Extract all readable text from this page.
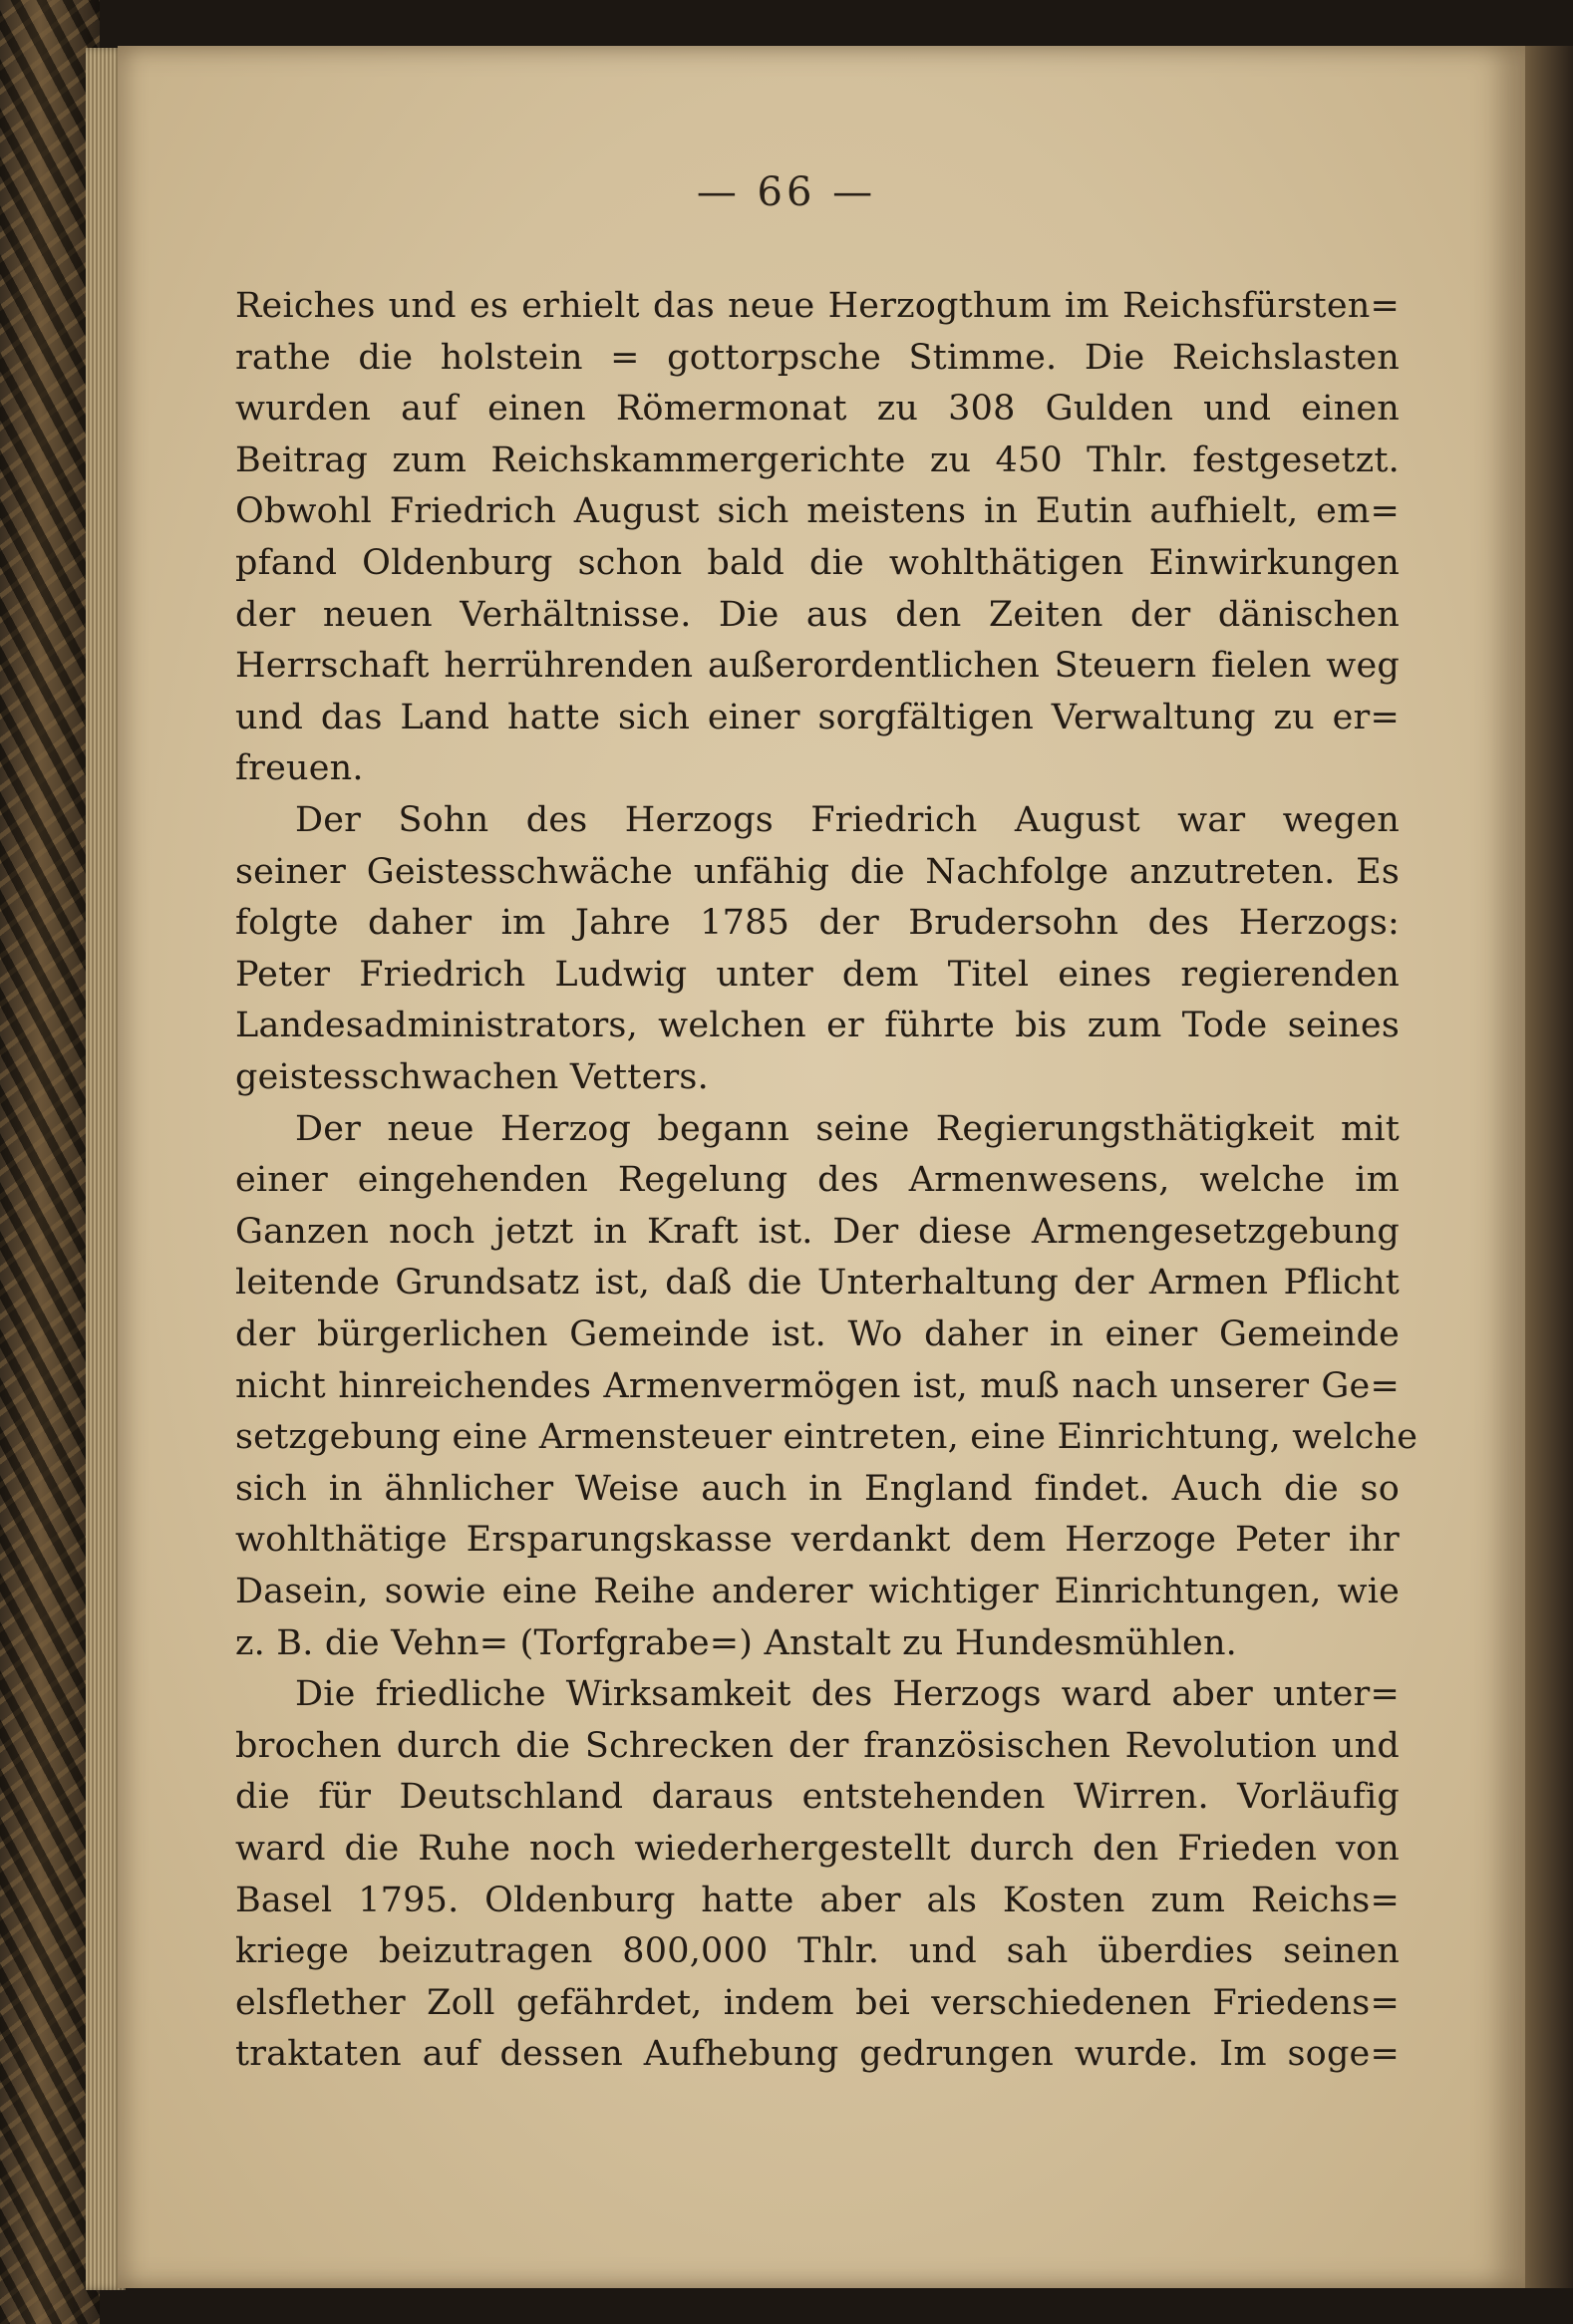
— 66 —
Reiches und es erhielt das neue Herzogthum im Reichsfürsten=
rathe die holstein = gottorpsche Stimme. Die Reichslasten
wurden auf einen Römermonat zu 308 Gulden und einen
Beitrag zum Reichskammergerichte zu 450 Thlr. festgesetzt.
Obwohl Friedrich August sich meistens in Eutin aufhielt, em=
pfand Oldenburg schon bald die wohlthätigen Einwirkungen
der neuen Verhältnisse. Die aus den Zeiten der dänischen
Herrschaft herrührenden außerordentlichen Steuern fielen weg
und das Land hatte sich einer sorgfältigen Verwaltung zu er=
freuen.
Der Sohn des Herzogs Friedrich August war wegen
seiner Geistesschwäche unfähig die Nachfolge anzutreten. Es
folgte daher im Jahre 1785 der Brudersohn des Herzogs:
Peter Friedrich Ludwig unter dem Titel eines regierenden
Landesadministrators, welchen er führte bis zum Tode seines
geistesschwachen Vetters.
Der neue Herzog begann seine Regierungsthätigkeit mit
einer eingehenden Regelung des Armenwesens, welche im
Ganzen noch jetzt in Kraft ist. Der diese Armengesetzgebung
leitende Grundsatz ist, daß die Unterhaltung der Armen Pflicht
der bürgerlichen Gemeinde ist. Wo daher in einer Gemeinde
nicht hinreichendes Armenvermögen ist, muß nach unserer Ge=
setzgebung eine Armensteuer eintreten, eine Einrichtung, welche
sich in ähnlicher Weise auch in England findet. Auch die so
wohlthätige Ersparungskasse verdankt dem Herzoge Peter ihr
Dasein, sowie eine Reihe anderer wichtiger Einrichtungen, wie
z. B. die Vehn= (Torfgrabe=) Anstalt zu Hundesmühlen.
Die friedliche Wirksamkeit des Herzogs ward aber unter=
brochen durch die Schrecken der französischen Revolution und
die für Deutschland daraus entstehenden Wirren. Vorläufig
ward die Ruhe noch wiederhergestellt durch den Frieden von
Basel 1795. Oldenburg hatte aber als Kosten zum Reichs=
kriege beizutragen 800,000 Thlr. und sah überdies seinen
elsflether Zoll gefährdet, indem bei verschiedenen Friedens=
traktaten auf dessen Aufhebung gedrungen wurde. Im soge=
